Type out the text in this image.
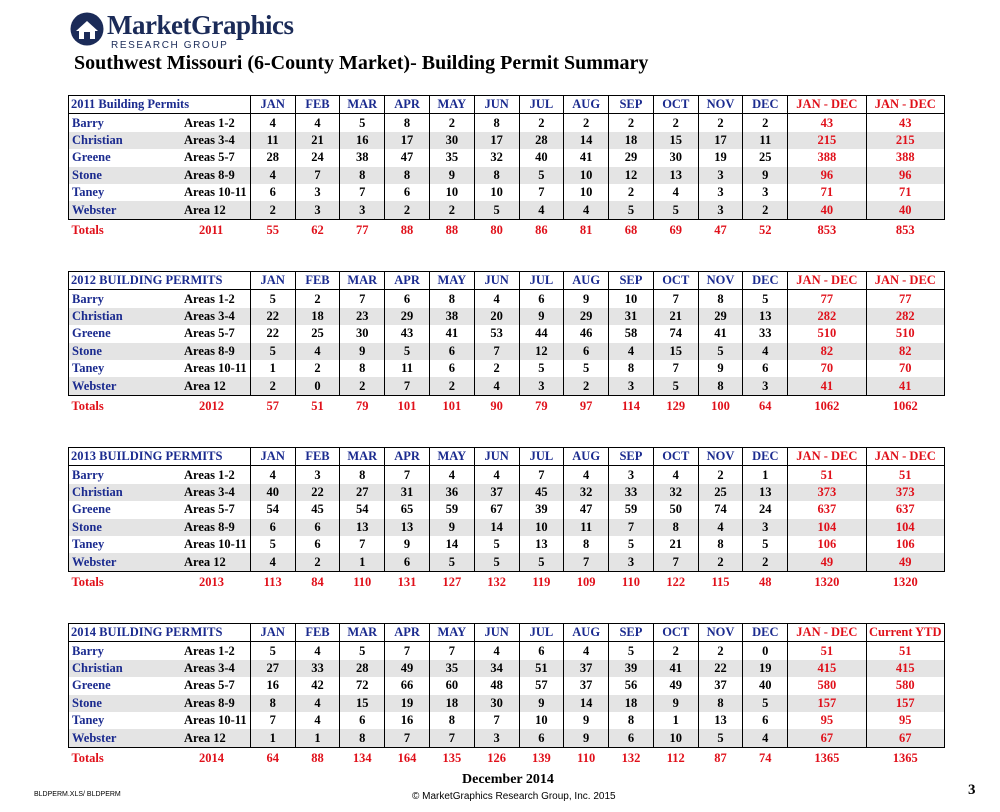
MarketGraphics
RESEARCH GROUP
Southwest Missouri (6-County Market)- Building Permit Summary
2011 Building Permits		JAN	FEB	MAR	APR	MAY	JUN	JUL	AUG	SEP	OCT	NOV	DEC	JAN - DEC	JAN - DEC
Barry	Areas 1-2	4	4	5	8	2	8	2	2	2	2	2	2	43	43
Christian	Areas 3-4	11	21	16	17	30	17	28	14	18	15	17	11	215	215
Greene	Areas 5-7	28	24	38	47	35	32	40	41	29	30	19	25	388	388
Stone	Areas 8-9	4	7	8	8	9	8	5	10	12	13	3	9	96	96
Taney	Areas 10-11	6	3	7	6	10	10	7	10	2	4	3	3	71	71
Webster	Area 12	2	3	3	2	2	5	4	4	5	5	3	2	40	40
Totals	2011	55	62	77	88	88	80	86	81	68	69	47	52	853	853
2012 BUILDING PERMITS		JAN	FEB	MAR	APR	MAY	JUN	JUL	AUG	SEP	OCT	NOV	DEC	JAN - DEC	JAN - DEC
Barry	Areas 1-2	5	2	7	6	8	4	6	9	10	7	8	5	77	77
Christian	Areas 3-4	22	18	23	29	38	20	9	29	31	21	29	13	282	282
Greene	Areas 5-7	22	25	30	43	41	53	44	46	58	74	41	33	510	510
Stone	Areas 8-9	5	4	9	5	6	7	12	6	4	15	5	4	82	82
Taney	Areas 10-11	1	2	8	11	6	2	5	5	8	7	9	6	70	70
Webster	Area 12	2	0	2	7	2	4	3	2	3	5	8	3	41	41
Totals	2012	57	51	79	101	101	90	79	97	114	129	100	64	1062	1062
2013 BUILDING PERMITS		JAN	FEB	MAR	APR	MAY	JUN	JUL	AUG	SEP	OCT	NOV	DEC	JAN - DEC	JAN - DEC
Barry	Areas 1-2	4	3	8	7	4	4	7	4	3	4	2	1	51	51
Christian	Areas 3-4	40	22	27	31	36	37	45	32	33	32	25	13	373	373
Greene	Areas 5-7	54	45	54	65	59	67	39	47	59	50	74	24	637	637
Stone	Areas 8-9	6	6	13	13	9	14	10	11	7	8	4	3	104	104
Taney	Areas 10-11	5	6	7	9	14	5	13	8	5	21	8	5	106	106
Webster	Area 12	4	2	1	6	5	5	5	7	3	7	2	2	49	49
Totals	2013	113	84	110	131	127	132	119	109	110	122	115	48	1320	1320
2014 BUILDING PERMITS		JAN	FEB	MAR	APR	MAY	JUN	JUL	AUG	SEP	OCT	NOV	DEC	JAN - DEC	Current YTD
Barry	Areas 1-2	5	4	5	7	7	4	6	4	5	2	2	0	51	51
Christian	Areas 3-4	27	33	28	49	35	34	51	37	39	41	22	19	415	415
Greene	Areas 5-7	16	42	72	66	60	48	57	37	56	49	37	40	580	580
Stone	Areas 8-9	8	4	15	19	18	30	9	14	18	9	8	5	157	157
Taney	Areas 10-11	7	4	6	16	8	7	10	9	8	1	13	6	95	95
Webster	Area 12	1	1	8	7	7	3	6	9	6	10	5	4	67	67
Totals	2014	64	88	134	164	135	126	139	110	132	112	87	74	1365	1365
December 2014
© MarketGraphics Research Group, Inc. 2015
BLDPERM.XLS/ BLDPERM	3
